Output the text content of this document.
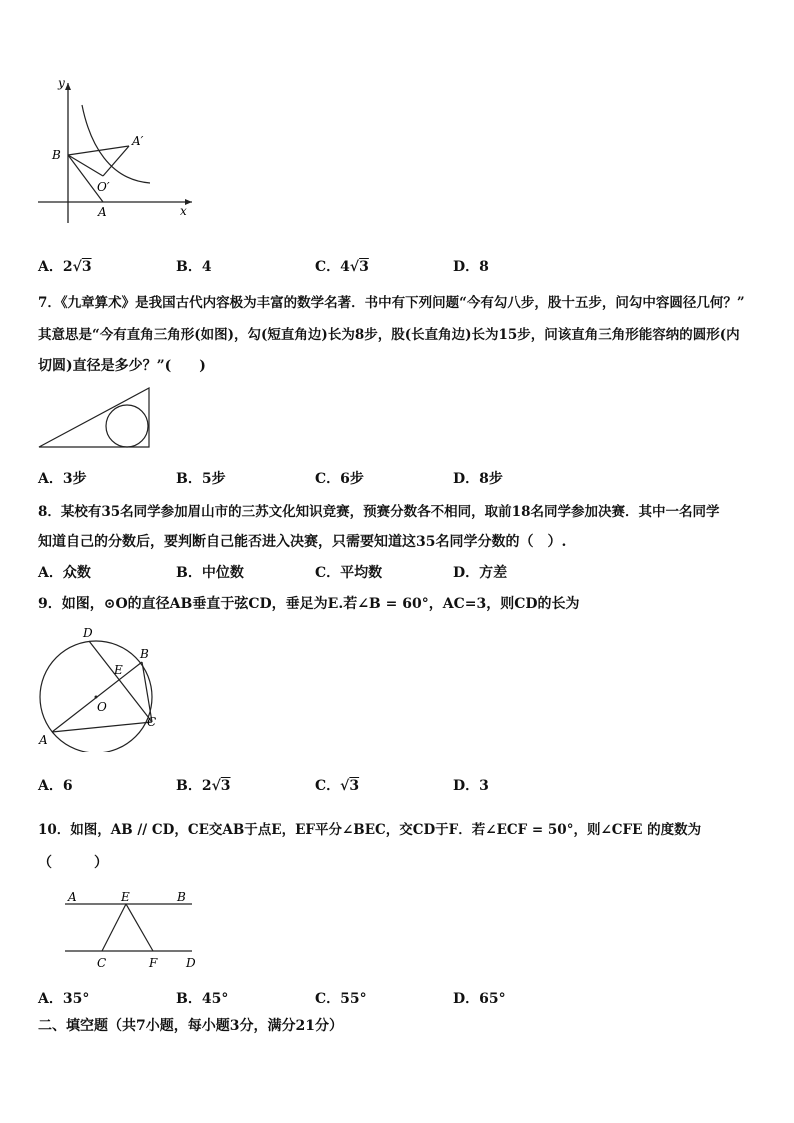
y
x
B
A
A′
O′
A．2√3	B．4	C．4√3	D．8
7．《九章算术》是我国古代内容极为丰富的数学名著．书中有下列问题“今有勾八步，股十五步，问勾中容圆径几何？”
其意思是“今有直角三角形(如图)，勾(短直角边)长为8步，股(长直角边)长为15步，问该直角三角形能容纳的圆形(内
切圆)直径是多少？”(　　)
A．3步	B．5步	C．6步	D．8步
8．某校有35名同学参加眉山市的三苏文化知识竞赛，预赛分数各不相同，取前18名同学参加决赛．其中一名同学
知道自己的分数后，要判断自己能否进入决赛，只需要知道这35名同学分数的（　）.
A．众数	B．中位数	C．平均数	D．方差
9．如图，⊙O的直径AB垂直于弦CD，垂足为E.若∠B = 60°，AC=3，则CD的长为
D
B
E
O
C
A
A．6	B．2√3	C．√3	D．3
10．如图，AB // CD，CE交AB于点E，EF平分∠BEC，交CD于F．若∠ECF = 50°，则∠CFE 的度数为
（　　　）
A	E	B
C	F D
A．35°	B．45°	C．55°	D．65°
二、填空题（共7小题，每小题3分，满分21分）
